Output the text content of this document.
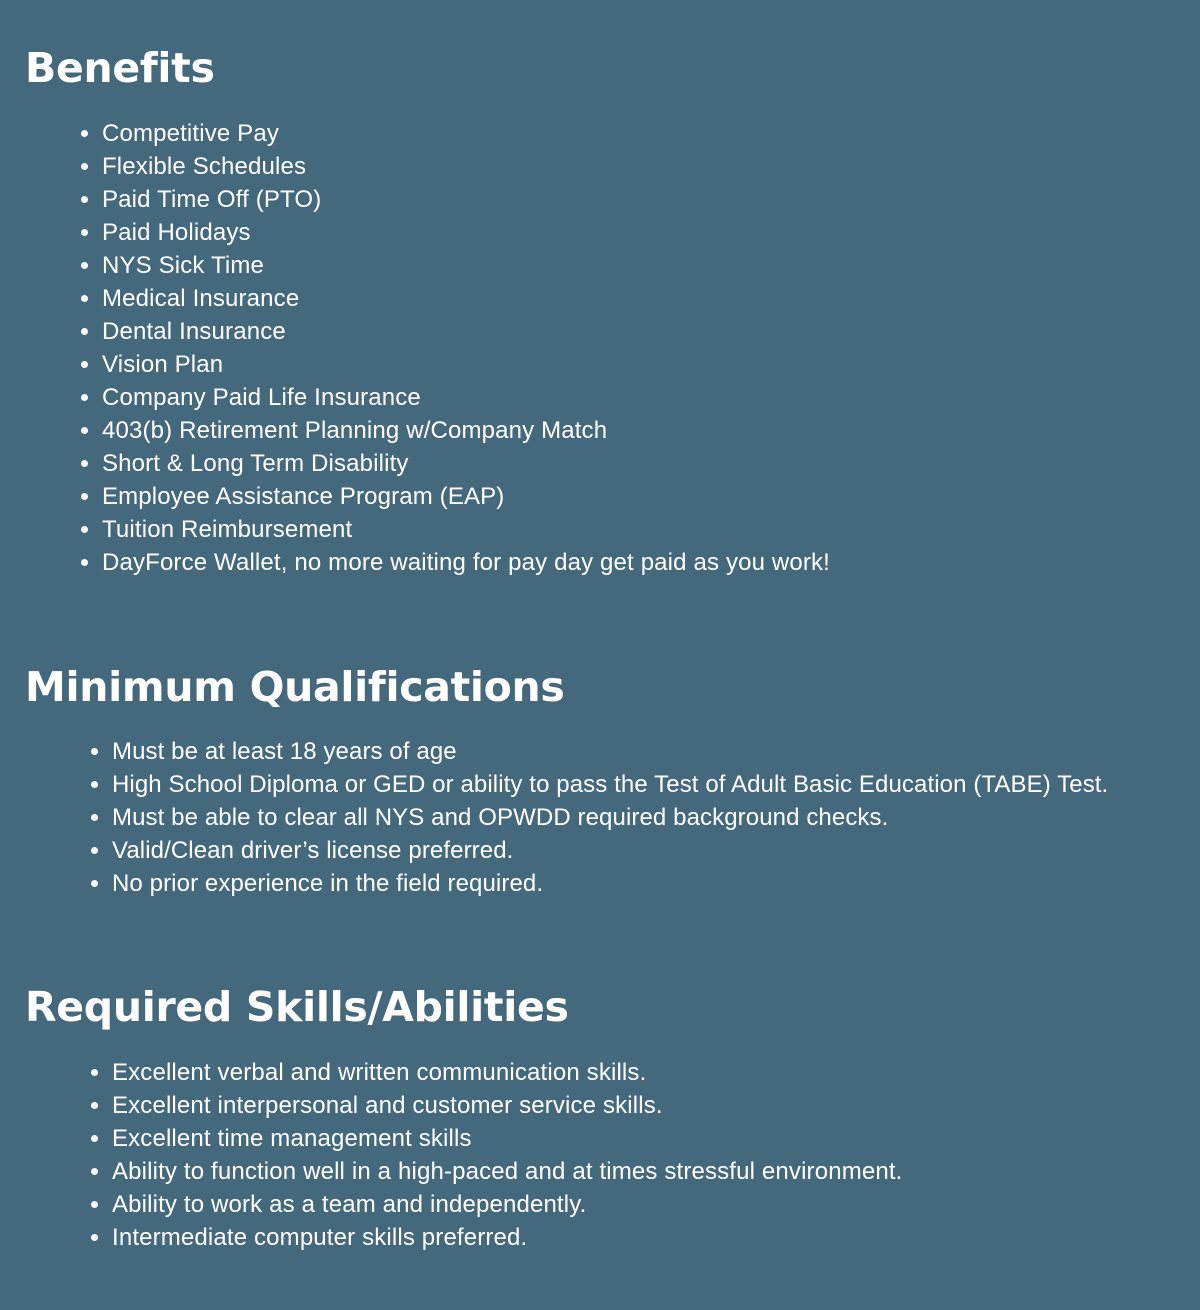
Benefits
Competitive Pay
Flexible Schedules
Paid Time Off (PTO)
Paid Holidays
NYS Sick Time
Medical Insurance
Dental Insurance
Vision Plan
Company Paid Life Insurance
403(b) Retirement Planning w/Company Match
Short & Long Term Disability
Employee Assistance Program (EAP)
Tuition Reimbursement
DayForce Wallet, no more waiting for pay day get paid as you work!
Minimum Qualifications
Must be at least 18 years of age
High School Diploma or GED or ability to pass the Test of Adult Basic Education (TABE) Test.
Must be able to clear all NYS and OPWDD required background checks.
Valid/Clean driver’s license preferred.
No prior experience in the field required.
Required Skills/Abilities
Excellent verbal and written communication skills.
Excellent interpersonal and customer service skills.
Excellent time management skills
Ability to function well in a high-paced and at times stressful environment.
Ability to work as a team and independently.
Intermediate computer skills preferred.
